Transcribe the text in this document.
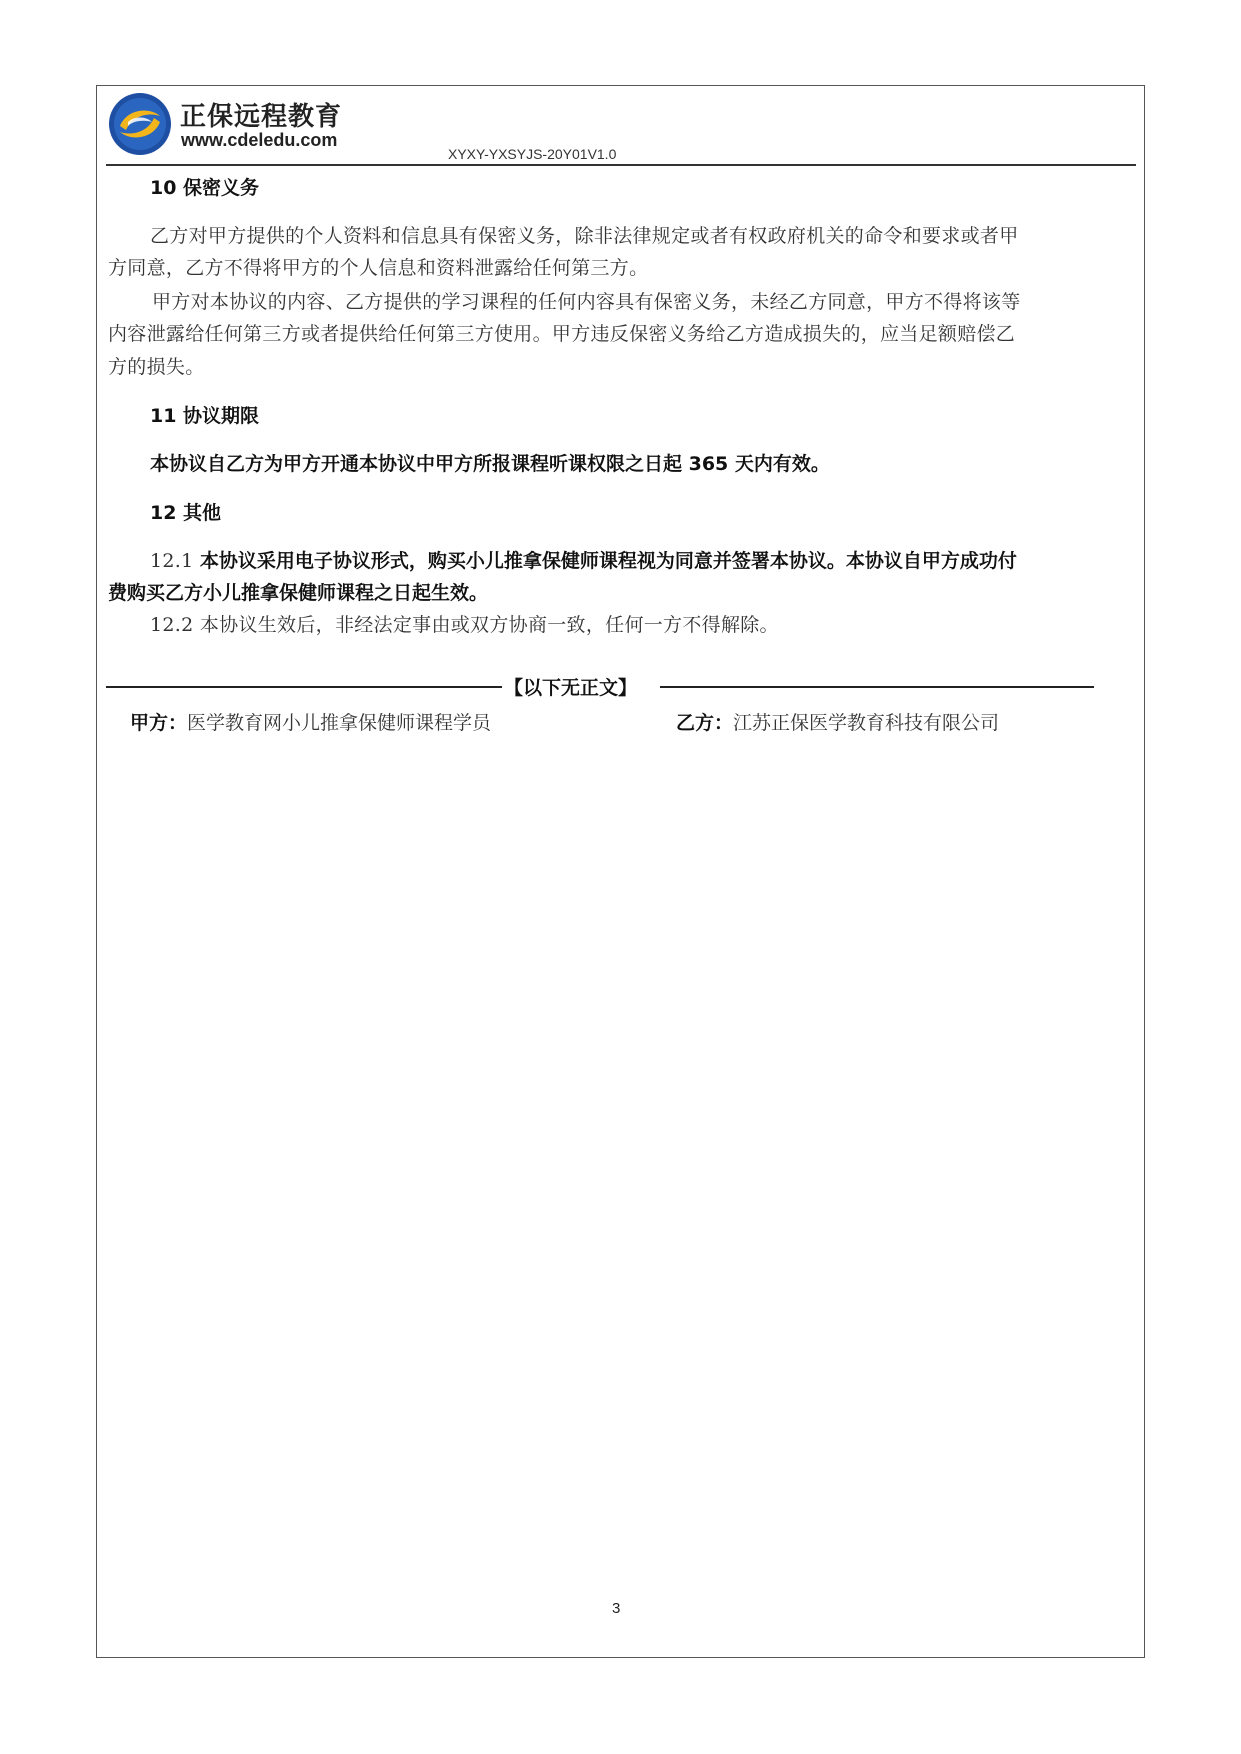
正保远程教育
www.cdeledu.com
XYXY-YXSYJS-20Y01V1.0
10 保密义务
乙方对甲方提供的个人资料和信息具有保密义务，除非法律规定或者有权政府机关的命令和要求或者甲
方同意，乙方不得将甲方的个人信息和资料泄露给任何第三方。
甲方对本协议的内容、乙方提供的学习课程的任何内容具有保密义务，未经乙方同意，甲方不得将该等
内容泄露给任何第三方或者提供给任何第三方使用。甲方违反保密义务给乙方造成损失的，应当足额赔偿乙
方的损失。
11 协议期限
本协议自乙方为甲方开通本协议中甲方所报课程听课权限之日起 365 天内有效。
12 其他
12.1 本协议采用电子协议形式，购买小儿推拿保健师课程视为同意并签署本协议。本协议自甲方成功付
费购买乙方小儿推拿保健师课程之日起生效。
12.2 本协议生效后，非经法定事由或双方协商一致，任何一方不得解除。
【以下无正文】
甲方：医学教育网小儿推拿保健师课程学员	乙方：江苏正保医学教育科技有限公司
3
